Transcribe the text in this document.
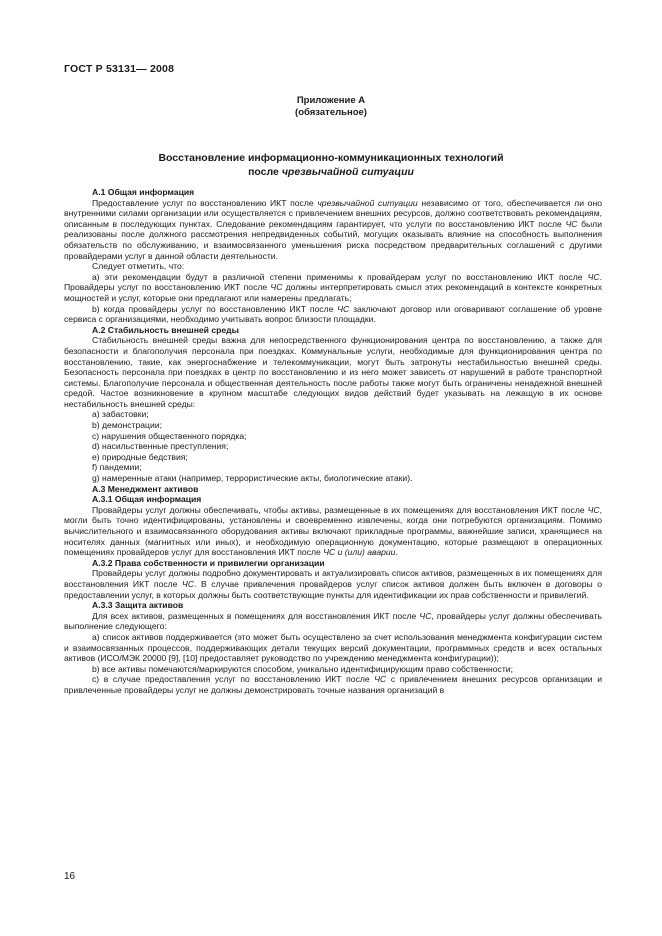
ГОСТ Р 53131— 2008
Приложение А
(обязательное)
Восстановление информационно-коммуникационных технологий
после чрезвычайной ситуации

А.1 Общая информация

Предоставление услуг по восстановлению ИКТ после чрезвычайной ситуации независимо от того, обеспечивается ли оно внутренними силами организации или осуществляется с привлечением внешних ресурсов, должно соответствовать рекомендациям, описанным в последующих пунктах. Следование рекомендациям гарантирует, что услуги по восстановлению ИКТ после ЧС были реализованы после должного рассмотрения непредвиденных событий, могущих оказывать влияние на способность выполнения обязательств по обслуживанию, и взаимосвязанного уменьшения риска посредством предварительных соглашений с другими провайдерами услуг в данной области деятельности.

Следует отметить, что:

a) эти рекомендации будут в различной степени применимы к провайдерам услуг по восстановлению ИКТ после ЧС. Провайдеры услуг по восстановлению ИКТ после ЧС должны интерпретировать смысл этих рекомендаций в контексте конкретных мощностей и услуг, которые они предлагают или намерены предлагать;

b) когда провайдеры услуг по восстановлению ИКТ после ЧС заключают договор или оговаривают соглашение об уровне сервиса с организациями, необходимо учитывать вопрос близости площадки.

А.2 Стабильность внешней среды

Стабильность внешней среды важна для непосредственного функционирования центра по восстановлению, а также для безопасности и благополучия персонала при поездках. Коммунальные услуги, необходимые для функционирования центра по восстановлению, такие, как энергоснабжение и телекоммуникации, могут быть затронуты нестабильностью внешней среды. Безопасность персонала при поездках в центр по восстановлению и из него может зависеть от нарушений в работе транспортной системы. Благополучие персонала и общественная деятельность после работы также могут быть ограничены ненадежной внешней средой. Частое возникновение в крупном масштабе следующих видов действий будет указывать на лежащую в их основе нестабильность внешней среды:

a) забастовки;

b) демонстрации;

c) нарушения общественного порядка;

d) насильственные преступления;

e) природные бедствия;

f) пандемии;

g) намеренные атаки (например, террористические акты, биологические атаки).

А.3 Менеджмент активов

А.3.1 Общая информация

Провайдеры услуг должны обеспечивать, чтобы активы, размещенные в их помещениях для восстановления ИКТ после ЧС, могли быть точно идентифицированы, установлены и своевременно извлечены, когда они потребуются организациям. Помимо вычислительного и взаимосвязанного оборудования активы включают прикладные программы, важнейшие записи, хранящиеся на носителях данных (магнитных или иных), и необходимую операционную документацию, которые размещают в операционных помещениях провайдеров услуг для восстановления ИКТ после ЧС и (или) аварии.

А.3.2 Права собственности и привилегии организации

Провайдеры услуг должны подробно документировать и актуализировать список активов, размещенных в их помещениях для восстановления ИКТ после ЧС. В случае привлечения провайдеров услуг список активов должен быть включен в договоры о предоставлении услуг, в которых должны быть соответствующие пункты для идентификации их прав собственности и привилегий.

А.3.3 Защита активов

Для всех активов, размещенных в помещениях для восстановления ИКТ после ЧС, провайдеры услуг должны обеспечивать выполнение следующего:

a) список активов поддерживается (это может быть осуществлено за счет использования менеджмента конфигурации систем и взаимосвязанных процессов, поддерживающих детали текущих версий документации, программных средств и всех остальных активов (ИСО/МЭК 20000 [9], [10] предоставляет руководство по учреждению менеджмента конфигурации));

b) все активы помечаются/маркируются способом, уникально идентифицирующим право собственности;

c) в случае предоставления услуг по восстановлению ИКТ после ЧС с привлечением внешних ресурсов организации и привлеченные провайдеры услуг не должны демонстрировать точные названия организаций в

16
